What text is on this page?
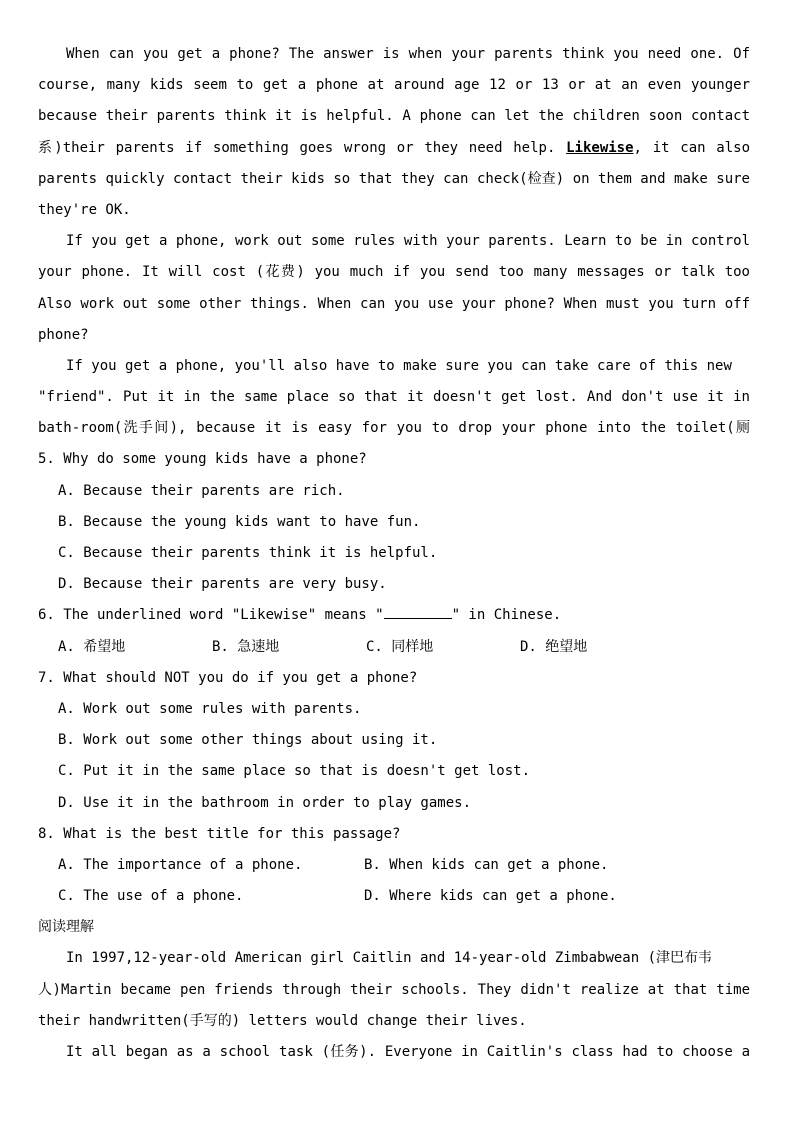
When can you get a phone? The answer is when your parents think you need one. Of
course, many kids seem to get a phone at around age 12 or 13 or at an even younger
because their parents think it is helpful. A phone can let the children soon contact
系)their parents if something goes wrong or they need help. Likewise, it can also
parents quickly contact their kids so that they can check(检查) on them and make sure
they're OK.
If you get a phone, work out some rules with your parents. Learn to be in control
your phone. It will cost (花费) you much if you send too many messages or talk too
Also work out some other things. When can you use your phone? When must you turn off
phone?
If you get a phone, you'll also have to make sure you can take care of this new
"friend". Put it in the same place so that it doesn't get lost. And don't use it in
bath-room(洗手间), because it is easy for you to drop your phone into the toilet(厕
5. Why do some young kids have a phone?
A. Because their parents are rich.
B. Because the young kids want to have fun.
C. Because their parents think it is helpful.
D. Because their parents are very busy.
6. The underlined word "Likewise" means "	" in Chinese.
A. 希望地	B. 急速地	C. 同样地	D. 绝望地
7. What should NOT you do if you get a phone?
A. Work out some rules with parents.
B. Work out some other things about using it.
C. Put it in the same place so that is doesn't get lost.
D. Use it in the bathroom in order to play games.
8. What is the best title for this passage?
A. The importance of a phone.	B. When kids can get a phone.
C. The use of a phone.	D. Where kids can get a phone.
阅读理解
In 1997,12-year-old American girl Caitlin and 14-year-old Zimbabwean (津巴布韦
人)Martin became pen friends through their schools. They didn't realize at that time
their handwritten(手写的) letters would change their lives.
It all began as a school task (任务). Everyone in Caitlin's class had to choose a
